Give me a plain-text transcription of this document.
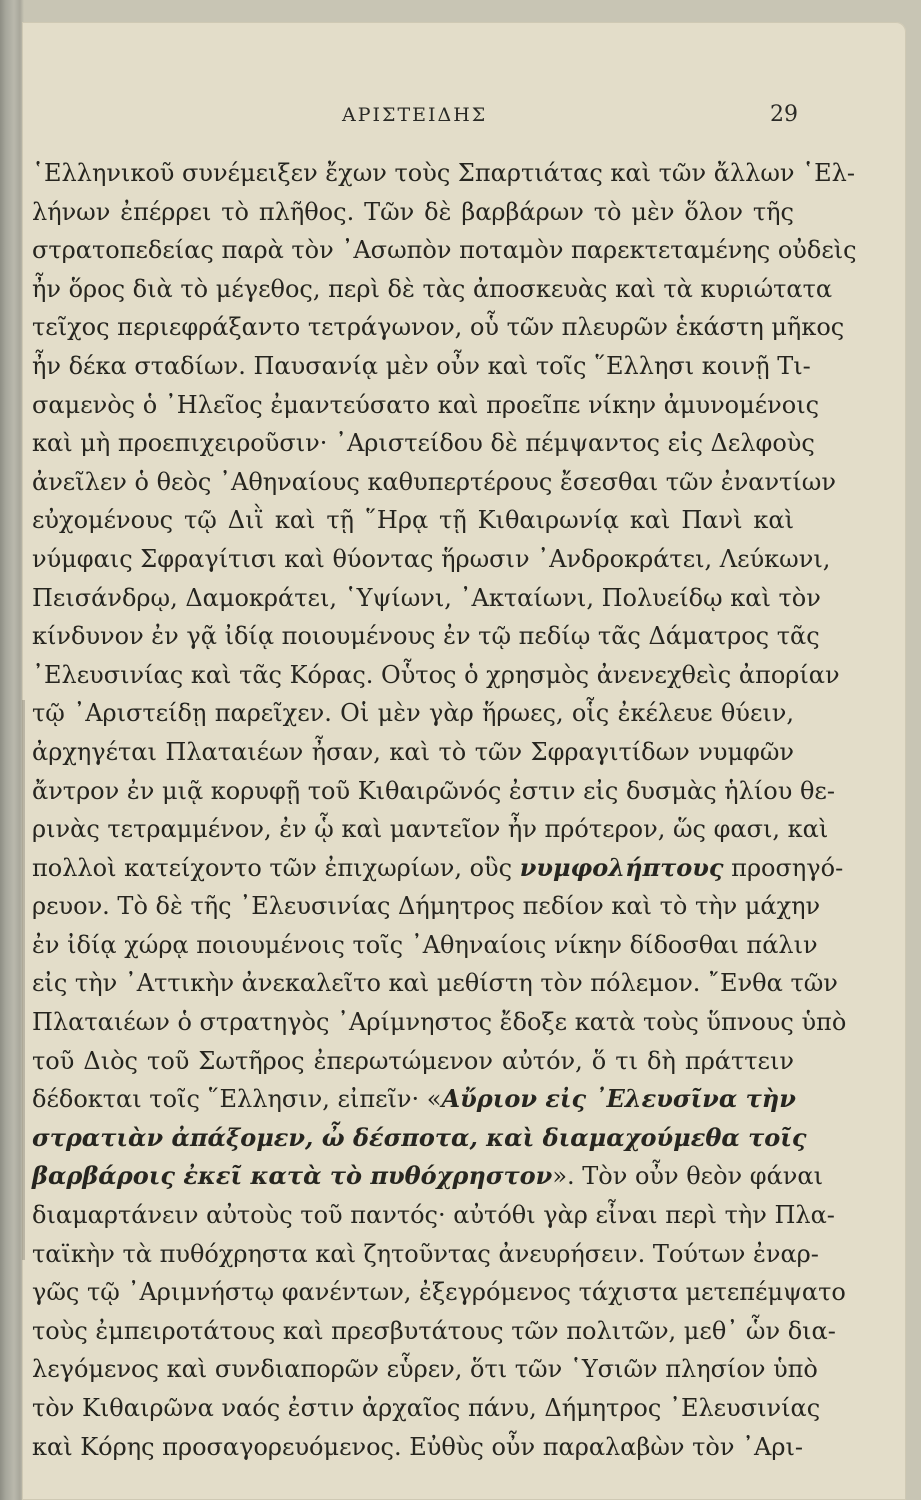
ΑΡΙΣΤΕΙΔΗΣ	29
῾Ελληνικοῦ συνέμειξεν ἔχων τοὺς Σπαρτιάτας καὶ τῶν ἄλλων ῾Ελ-
λήνων ἐπέρρει τὸ πλῆθος. Τῶν δὲ βαρβάρων τὸ μὲν ὅλον τῆς
στρατοπεδείας παρὰ τὸν ᾿Ασωπὸν ποταμὸν παρεκτεταμένης οὐδεὶς
ἦν ὅρος διὰ τὸ μέγεθος, περὶ δὲ τὰς ἀποσκευὰς καὶ τὰ κυριώτατα
τεῖχος περιεφράξαντο τετράγωνον, οὗ τῶν πλευρῶν ἑκάστη μῆκος
ἦν δέκα σταδίων. Παυσανίᾳ μὲν οὖν καὶ τοῖς ῞Ελλησι κοινῇ Τι-
σαμενὸς ὁ ᾿Ηλεῖος ἐμαντεύσατο καὶ προεῖπε νίκην ἀμυνομένοις
καὶ μὴ προεπιχειροῦσιν· ᾿Αριστείδου δὲ πέμψαντος εἰς Δελφοὺς
ἀνεῖλεν ὁ θεὸς ᾿Αθηναίους καθυπερτέρους ἔσεσθαι τῶν ἐναντίων
εὐχομένους τῷ Διῒ καὶ τῇ ῞Ηρᾳ τῇ Κιθαιρωνίᾳ καὶ Πανὶ καὶ
νύμφαις Σφραγίτισι καὶ θύοντας ἥρωσιν ᾿Ανδροκράτει, Λεύκωνι,
Πεισάνδρῳ, Δαμοκράτει, ῾Υψίωνι, ᾿Ακταίωνι, Πολυείδῳ καὶ τὸν
κίνδυνον ἐν γᾷ ἰδίᾳ ποιουμένους ἐν τῷ πεδίῳ τᾶς Δάματρος τᾶς
᾿Ελευσινίας καὶ τᾶς Κόρας. Οὗτος ὁ χρησμὸς ἀνενεχθεὶς ἀπορίαν
τῷ ᾿Αριστείδῃ παρεῖχεν. Οἱ μὲν γὰρ ἥρωες, οἷς ἐκέλευε θύειν,
ἀρχηγέται Πλαταιέων ἦσαν, καὶ τὸ τῶν Σφραγιτίδων νυμφῶν
ἄντρον ἐν μιᾷ κορυφῇ τοῦ Κιθαιρῶνός ἐστιν εἰς δυσμὰς ἡλίου θε-
ρινὰς τετραμμένον, ἐν ᾧ καὶ μαντεῖον ἦν πρότερον, ὥς φασι, καὶ
πολλοὶ κατείχοντο τῶν ἐπιχωρίων, οὓς νυμφολήπτους προσηγό-
ρευον. Τὸ δὲ τῆς ᾿Ελευσινίας Δήμητρος πεδίον καὶ τὸ τὴν μάχην
ἐν ἰδίᾳ χώρᾳ ποιουμένοις τοῖς ᾿Αθηναίοις νίκην δίδοσθαι πάλιν
εἰς τὴν ᾿Αττικὴν ἀνεκαλεῖτο καὶ μεθίστη τὸν πόλεμον. ῎Ενθα τῶν
Πλαταιέων ὁ στρατηγὸς ᾿Αρίμνηστος ἔδοξε κατὰ τοὺς ὕπνους ὑπὸ
τοῦ Διὸς τοῦ Σωτῆρος ἐπερωτώμενον αὐτόν, ὅ τι δὴ πράττειν
δέδοκται τοῖς ῞Ελλησιν, εἰπεῖν· «Αὔριον εἰς ᾿Ελευσῖνα τὴν
στρατιὰν ἀπάξομεν, ὦ δέσποτα, καὶ διαμαχούμεθα τοῖς
βαρβάροις ἐκεῖ κατὰ τὸ πυθόχρηστον». Τὸν οὖν θεὸν φάναι
διαμαρτάνειν αὐτοὺς τοῦ παντός· αὐτόθι γὰρ εἶναι περὶ τὴν Πλα-
ταϊκὴν τὰ πυθόχρηστα καὶ ζητοῦντας ἀνευρήσειν. Τούτων ἐναρ-
γῶς τῷ ᾿Αριμνήστῳ φανέντων, ἐξεγρόμενος τάχιστα μετεπέμψατο
τοὺς ἐμπειροτάτους καὶ πρεσβυτάτους τῶν πολιτῶν, μεθ᾿ ὧν δια-
λεγόμενος καὶ συνδιαπορῶν εὗρεν, ὅτι τῶν ῾Υσιῶν πλησίον ὑπὸ
τὸν Κιθαιρῶνα ναός ἐστιν ἀρχαῖος πάνυ, Δήμητρος ᾿Ελευσινίας
καὶ Κόρης προσαγορευόμενος. Εὐθὺς οὖν παραλαβὼν τὸν ᾿Αρι-
